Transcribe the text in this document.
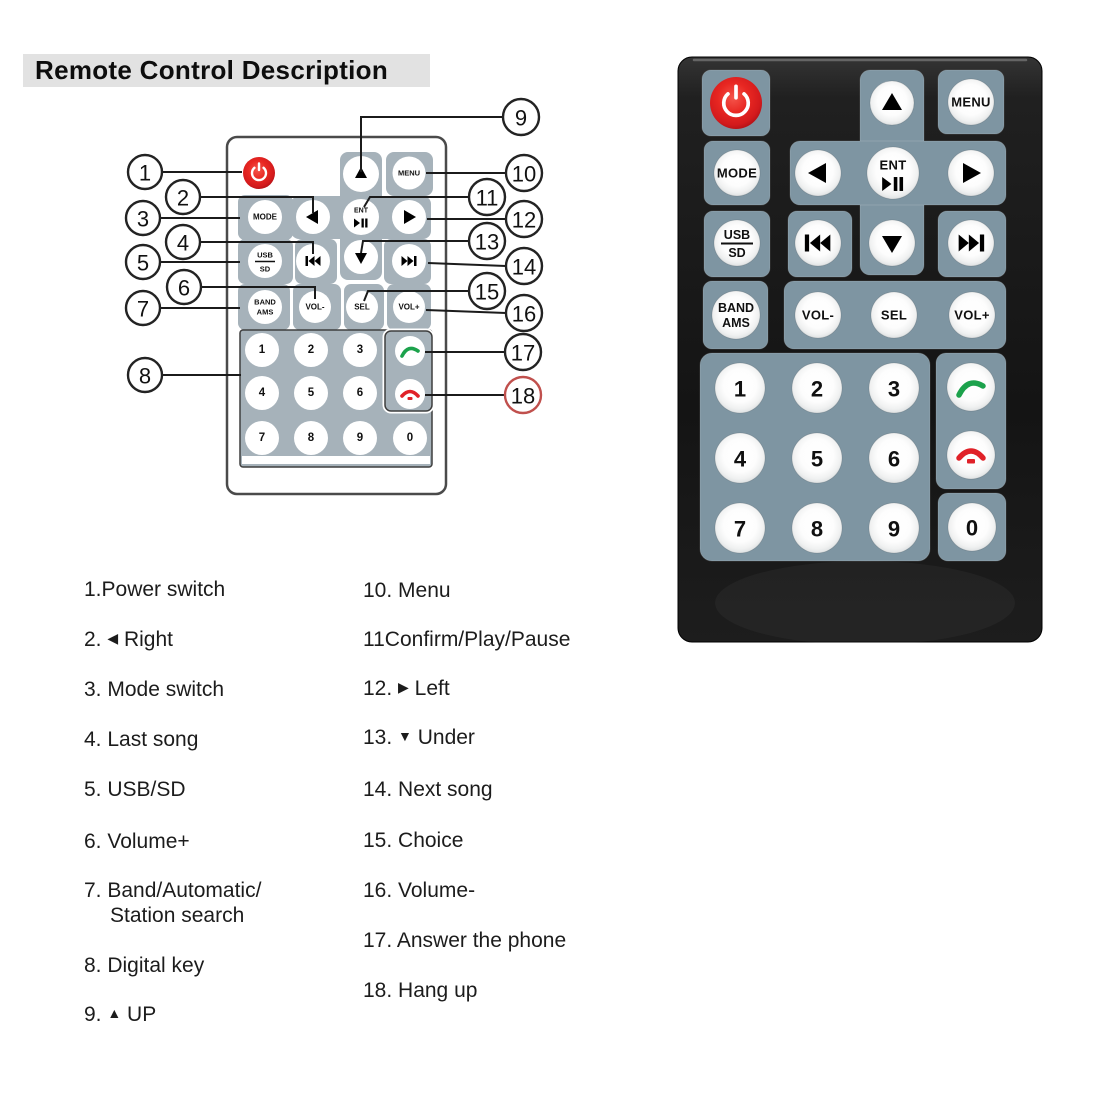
Remote Control Description
MENU
MODE
ENT
USB
SD
BAND
AMS
VOL-	SEL	VOL+
1	2	3
4	5	6
7	8	9	0
1
2
3
4
5
6
7
8
9
10
11
12
13
14
15
16
17
18
MENU
MODE
ENT
USB
SD
BAND
AMS
VOL-	SEL	VOL+
1	2	3
4	5	6
7	8	9	0
1.Power switch
2. ◀ Right
3. Mode switch
4. Last song
5. USB/SD
6. Volume+
7. Band/Automatic/
Station search
8. Digital key
9. ▲ UP
10. Menu
11Confirm/Play/Pause
12. ▶ Left
13. ▼ Under
14. Next song
15. Choice
16. Volume-
17. Answer the phone
18. Hang up
